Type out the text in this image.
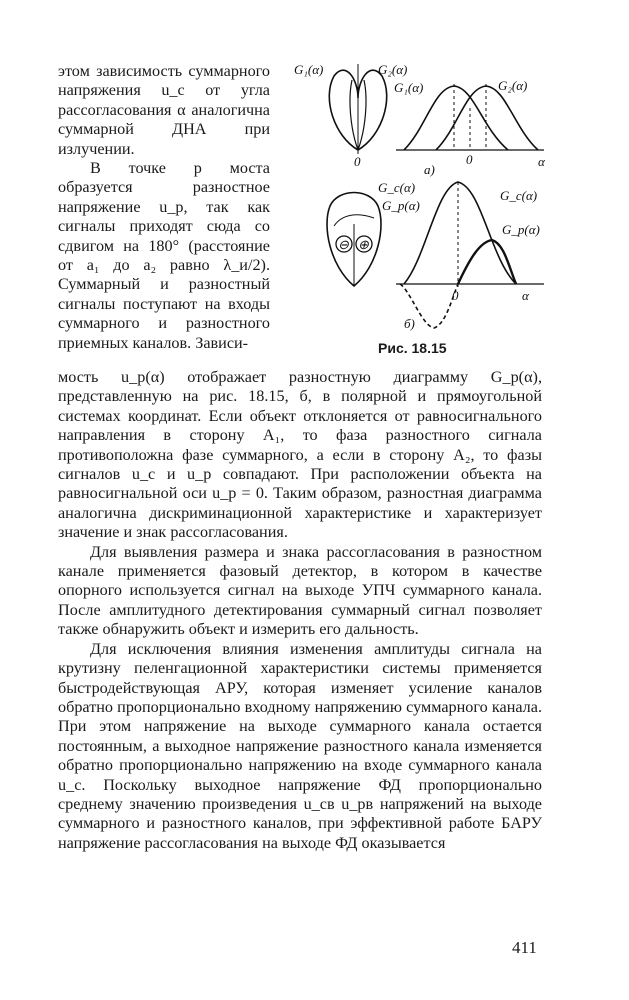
этом зависимость суммарного напряжения u_c от угла рассогласования α аналогична суммарной ДНА при излучении.

В точке p моста образуется разностное напряжение u_p, так как сигналы приходят сюда со сдвигом на 180° (расстояние от a₁ до a₂ равно λ_и/2). Суммарный и разностный сигналы поступают на входы суммарного и разностного приемных каналов. Зависи-

G₁(α)	G₂(α)
G₁(α)	G₂(α)
0	0	α
a)
⊖ ⊕
G_c(α)
G_p(α)
G_c(α)
G_p(α)
0	α
б)
Рис. 18.15

мость u_p(α) отображает разностную диаграмму G_p(α), представленную на рис. 18.15, б, в полярной и прямоугольной системах координат. Если объект отклоняется от равносигнального направления в сторону A₁, то фаза разностного сигнала противоположна фазе суммарного, а если в сторону A₂, то фазы сигналов u_c и u_p совпадают. При расположении объекта на равносигнальной оси u_p = 0. Таким образом, разностная диаграмма аналогична дискриминационной характеристике и характеризует значение и знак рассогласования.

Для выявления размера и знака рассогласования в разностном канале применяется фазовый детектор, в котором в качестве опорного используется сигнал на выходе УПЧ суммарного канала. После амплитудного детектирования суммарный сигнал позволяет также обнаружить объект и измерить его дальность.

Для исключения влияния изменения амплитуды сигнала на крутизну пеленгационной характеристики системы применяется быстродействующая АРУ, которая изменяет усиление каналов обратно пропорционально входному напряжению суммарного канала. При этом напряжение на выходе суммарного канала остается постоянным, а выходное напряжение разностного канала изменяется обратно пропорционально напряжению на входе суммарного канала u_c. Поскольку выходное напряжение ФД пропорционально среднему значению произведения u_cв u_pв напряжений на выходе суммарного и разностного каналов, при эффективной работе БАРУ напряжение рассогласования на выходе ФД оказывается

411
